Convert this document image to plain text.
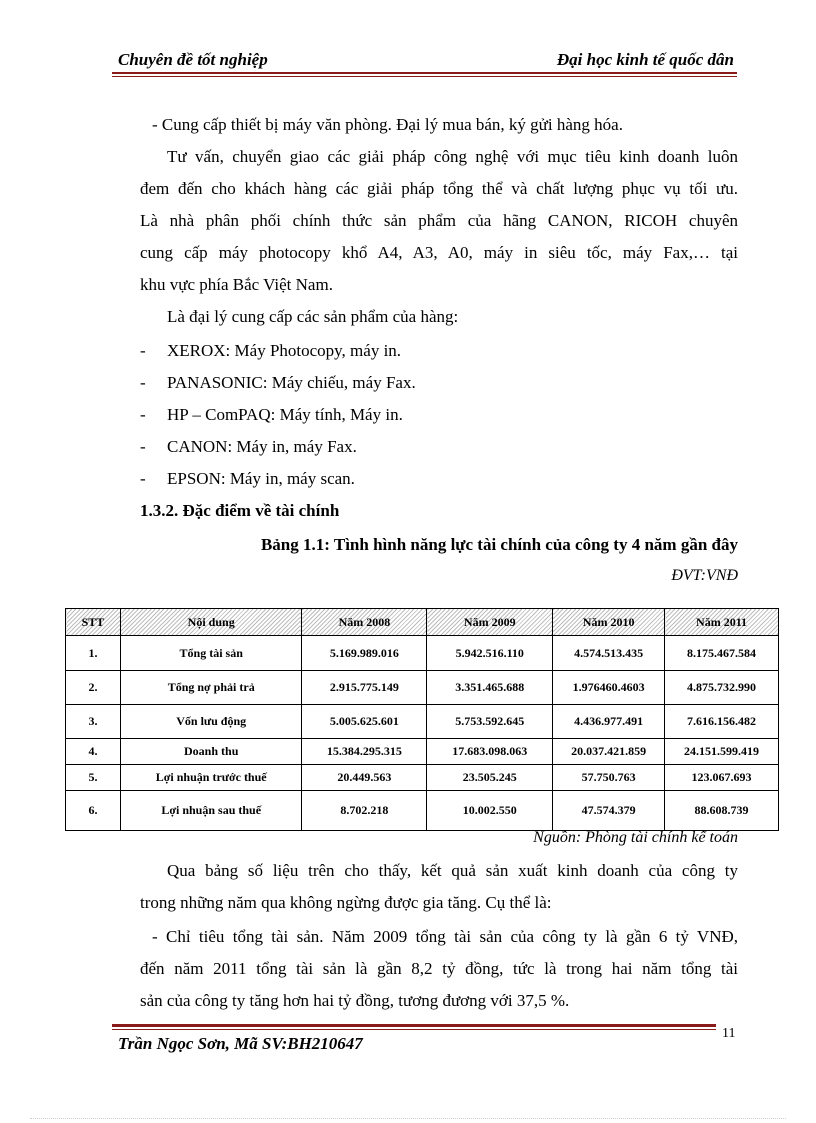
Chuyên đề tốt nghiệp	Đại học kinh tế quốc dân
- Cung cấp thiết bị máy văn phòng. Đại lý mua bán, ký gửi hàng hóa.
Tư vấn, chuyển giao các giải pháp công nghệ với mục tiêu kinh doanh luôn
đem đến cho khách hàng các giải pháp tổng thể và chất lượng phục vụ tối ưu.
Là nhà phân phối chính thức sản phẩm của hãng CANON, RICOH chuyên
cung cấp máy photocopy khổ A4, A3, A0, máy in siêu tốc, máy Fax,… tại
khu vực phía Bắc Việt Nam.
Là đại lý cung cấp các sản phẩm của hàng:
- XEROX: Máy Photocopy, máy in.
- PANASONIC: Máy chiếu, máy Fax.
- HP – ComPAQ: Máy tính, Máy in.
- CANON: Máy in, máy Fax.
- EPSON: Máy in, máy scan.
1.3.2. Đặc điểm về tài chính
Bảng 1.1: Tình hình năng lực tài chính của công ty 4 năm gần đây
ĐVT:VNĐ
STT	Nội dung	Năm 2008	Năm 2009	Năm 2010	Năm 2011
1.	Tổng tài sản	5.169.989.016	5.942.516.110	4.574.513.435	8.175.467.584
2.	Tổng nợ phải trả	2.915.775.149	3.351.465.688	1.976460.4603	4.875.732.990
3.	Vốn lưu động	5.005.625.601	5.753.592.645	4.436.977.491	7.616.156.482
4.	Doanh thu	15.384.295.315	17.683.098.063	20.037.421.859	24.151.599.419
5.	Lợi nhuận trước thuế	20.449.563	23.505.245	57.750.763	123.067.693
6.	Lợi nhuận sau thuế	8.702.218	10.002.550	47.574.379	88.608.739
Nguồn: Phòng tài chính kế toán
Qua bảng số liệu trên cho thấy, kết quả sản xuất kinh doanh của công ty
trong những năm qua không ngừng được gia tăng. Cụ thể là:
- Chỉ tiêu tổng tài sản. Năm 2009 tổng tài sản của công ty là gần 6 tỷ VNĐ,
đến năm 2011 tổng tài sản là gần 8,2 tỷ đồng, tức là trong hai năm tổng tài
sản của công ty tăng hơn hai tỷ đồng, tương đương với 37,5 %.
Trần Ngọc Sơn, Mã SV:BH210647
11
